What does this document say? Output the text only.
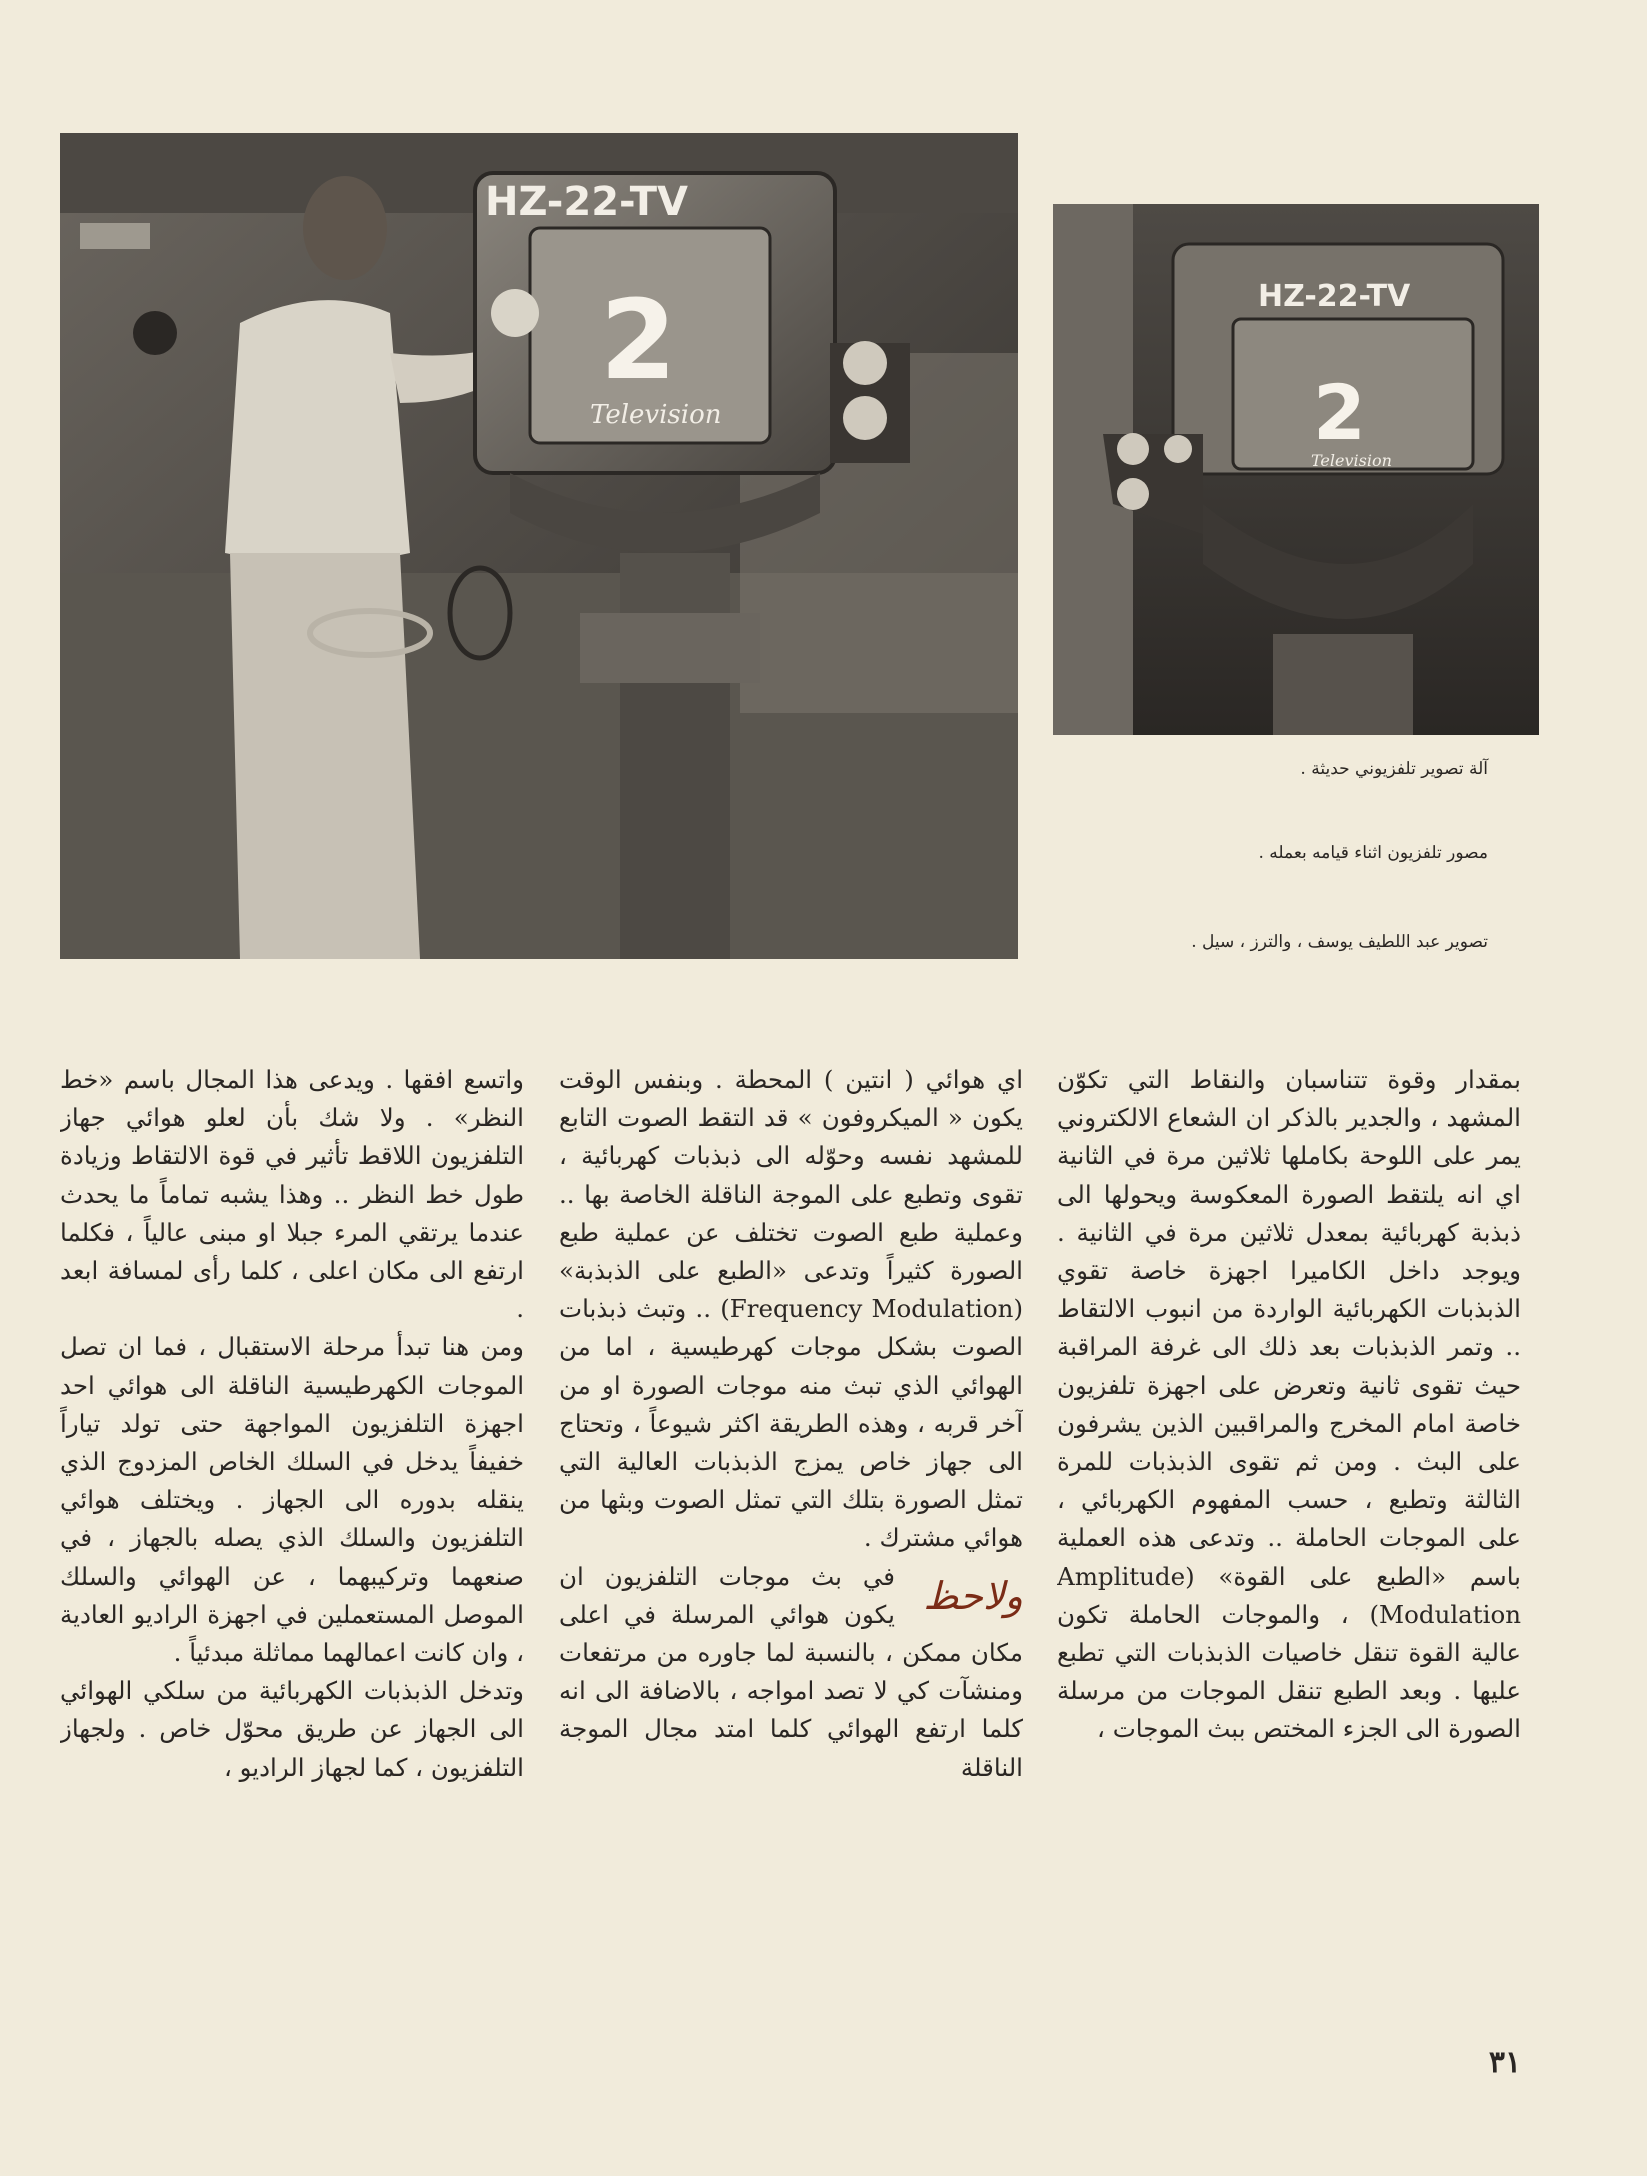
HZ-22-TV
2
Television
HZ-22-TV
2
Television
آلة تصوير تلفزيوني حديثة .
مصور تلفزيون اثناء قيامه بعمله .
تصوير عبد اللطيف يوسف ، والترز ، سيل .

بمقدار وقوة تتناسبان والنقاط التي تكوّن المشهد ، والجدير بالذكر ان الشعاع الالكتروني يمر على اللوحة بكاملها ثلاثين مرة في الثانية اي انه يلتقط الصورة المعكوسة ويحولها الى ذبذبة كهربائية بمعدل ثلاثين مرة في الثانية . ويوجد داخل الكاميرا اجهزة خاصة تقوي الذبذبات الكهربائية الواردة من انبوب الالتقاط .. وتمر الذبذبات بعد ذلك الى غرفة المراقبة حيث تقوى ثانية وتعرض على اجهزة تلفزيون خاصة امام المخرج والمراقبين الذين يشرفون على البث . ومن ثم تقوى الذبذبات للمرة الثالثة وتطبع ، حسب المفهوم الكهربائي ، على الموجات الحاملة .. وتدعى هذه العملية باسم «الطبع على القوة» (Amplitude Modulation) ، والموجات الحاملة تكون عالية القوة تنقل خاصيات الذبذبات التي تطبع عليها . وبعد الطبع تنقل الموجات من مرسلة الصورة الى الجزء المختص ببث الموجات ،

اي هوائي ( انتين ) المحطة . وبنفس الوقت يكون « الميكروفون » قد التقط الصوت التابع للمشهد نفسه وحوّله الى ذبذبات كهربائية ، تقوى وتطبع على الموجة الناقلة الخاصة بها .. وعملية طبع الصوت تختلف عن عملية طبع الصورة كثيراً وتدعى «الطبع على الذبذبة» (Frequency Modulation) .. وتبث ذبذبات الصوت بشكل موجات كهرطيسية ، اما من الهوائي الذي تبث منه موجات الصورة او من آخر قربه ، وهذه الطريقة اكثر شيوعاً ، وتحتاج الى جهاز خاص يمزج الذبذبات العالية التي تمثل الصورة بتلك التي تمثل الصوت وبثها من هوائي مشترك .

ولاحظ

في بث موجات التلفزيون ان يكون هوائي المرسلة في اعلى مكان ممكن ، بالنسبة لما جاوره من مرتفعات ومنشآت كي لا تصد امواجه ، بالاضافة الى انه كلما ارتفع الهوائي كلما امتد مجال الموجة الناقلة

واتسع افقها . ويدعى هذا المجال باسم «خط النظر» . ولا شك بأن لعلو هوائي جهاز التلفزيون اللاقط تأثير في قوة الالتقاط وزيادة طول خط النظر .. وهذا يشبه تماماً ما يحدث عندما يرتقي المرء جبلا او مبنى عالياً ، فكلما ارتفع الى مكان اعلى ، كلما رأى لمسافة ابعد .

ومن هنا تبدأ مرحلة الاستقبال ، فما ان تصل الموجات الكهرطيسية الناقلة الى هوائي احد اجهزة التلفزيون المواجهة حتى تولد تياراً خفيفاً يدخل في السلك الخاص المزدوج الذي ينقله بدوره الى الجهاز . ويختلف هوائي التلفزيون والسلك الذي يصله بالجهاز ، في صنعهما وتركيبهما ، عن الهوائي والسلك الموصل المستعملين في اجهزة الراديو العادية ، وان كانت اعمالهما مماثلة مبدئياً .

وتدخل الذبذبات الكهربائية من سلكي الهوائي الى الجهاز عن طريق محوّل خاص . ولجهاز التلفزيون ، كما لجهاز الراديو ،

٣١
